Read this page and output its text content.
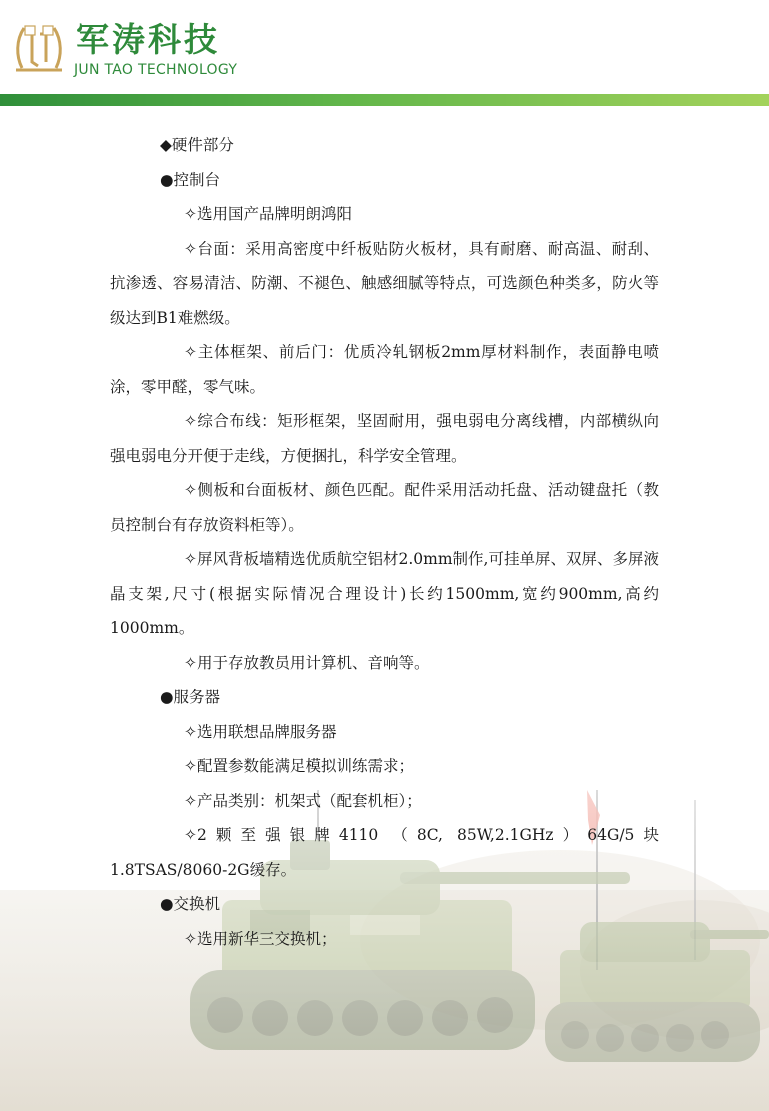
军涛科技
JUN TAO TECHNOLOGY

◆硬件部分

●控制台

✧选用国产品牌明朗鸿阳

✧台面：采用高密度中纤板贴防火板材，具有耐磨、耐高温、耐刮、抗渗透、容易清洁、防潮、不褪色、触感细腻等特点，可选颜色种类多，防火等级达到B1难燃级。

✧主体框架、前后门：优质冷轧钢板2mm厚材料制作，表面静电喷涂，零甲醛，零气味。

✧综合布线：矩形框架，坚固耐用，强电弱电分离线槽，内部横纵向强电弱电分开便于走线，方便捆扎，科学安全管理。

✧侧板和台面板材、颜色匹配。配件采用活动托盘、活动键盘托（教员控制台有存放资料柜等）。

✧屏风背板墙精选优质航空铝材2.0mm制作,可挂单屏、双屏、多屏液晶支架,尺寸(根据实际情况合理设计)长约1500mm,宽约900mm,高约1000mm。

✧用于存放教员用计算机、音响等。

●服务器

✧选用联想品牌服务器

✧配置参数能满足模拟训练需求；

✧产品类别：机架式（配套机柜）；

✧2颗至强银牌4110 （8C, 85W,2.1GHz）64G/5块1.8TSAS/8060-2G缓存。

●交换机

✧选用新华三交换机；
